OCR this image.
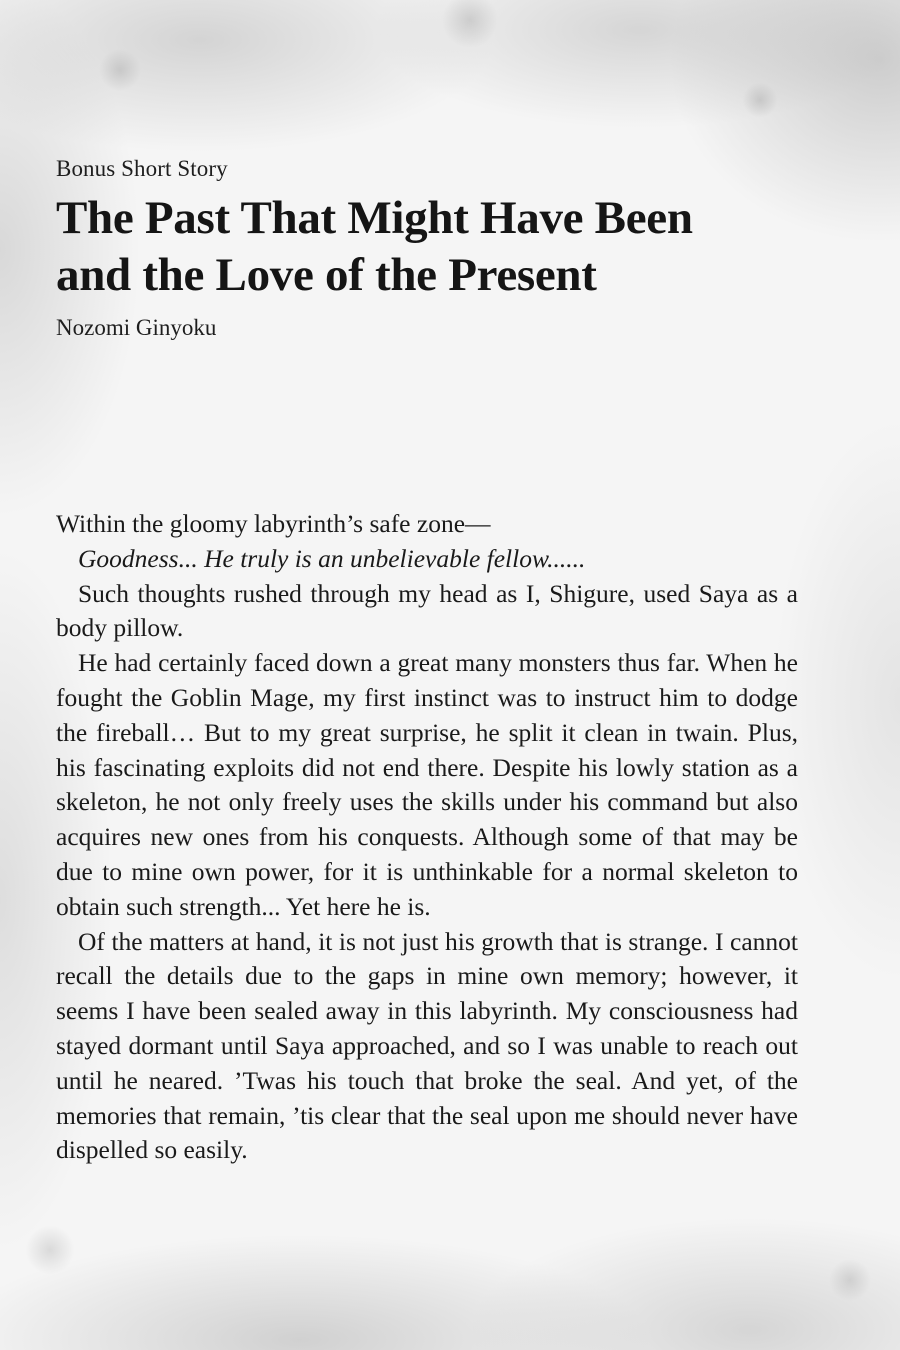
Bonus Short Story
The Past That Might Have Been
and the Love of the Present
Nozomi Ginyoku

Within the gloomy labyrinth’s safe zone—

Goodness... He truly is an unbelievable fellow......

Such thoughts rushed through my head as I, Shigure, used Saya as a body pillow.

He had certainly faced down a great many monsters thus far. When he fought the Goblin Mage, my first instinct was to instruct him to dodge the fireball… But to my great surprise, he split it clean in twain. Plus, his fascinating exploits did not end there. Despite his lowly station as a skeleton, he not only freely uses the skills under his command but also acquires new ones from his conquests. Although some of that may be due to mine own power, for it is unthinkable for a normal skeleton to obtain such strength... Yet here he is.

Of the matters at hand, it is not just his growth that is strange. I cannot recall the details due to the gaps in mine own memory; however, it seems I have been sealed away in this labyrinth. My consciousness had stayed dormant until Saya approached, and so I was unable to reach out until he neared. ’Twas his touch that broke the seal. And yet, of the memories that remain, ’tis clear that the seal upon me should never have dispelled so easily.
